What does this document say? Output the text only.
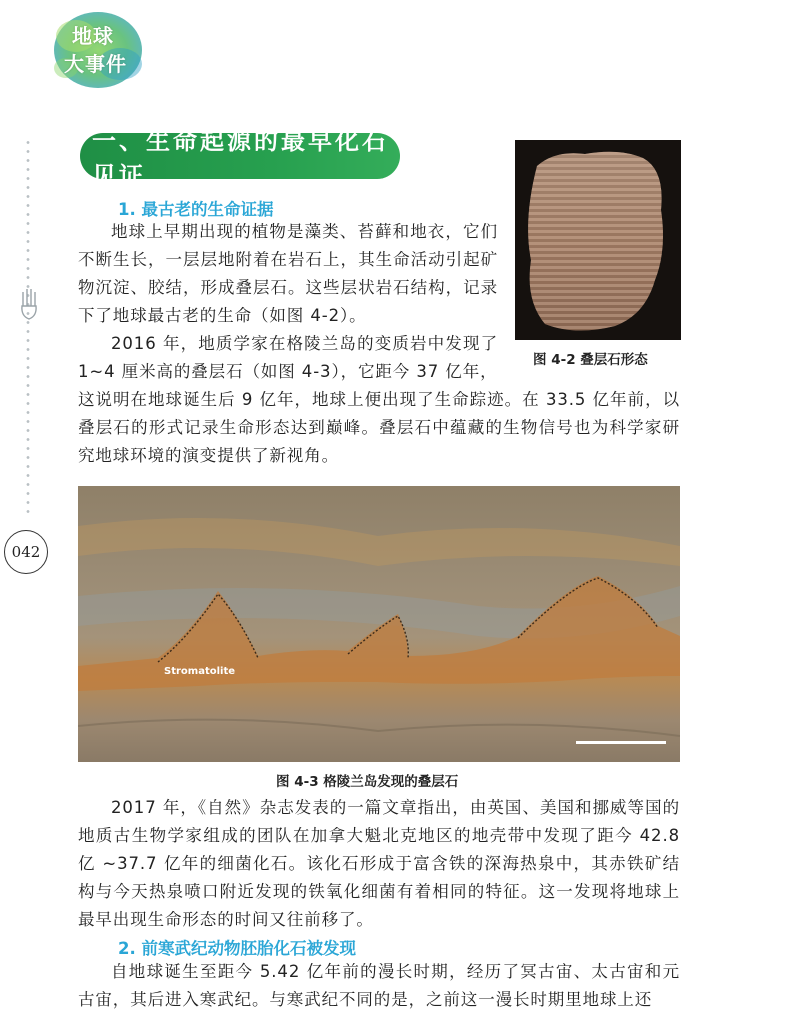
地球
大事件
042
一、生命起源的最早化石见证
1. 最古老的生命证据
地球上早期出现的植物是藻类、苔藓和地衣，它们不断生长，一层层地附着在岩石上，其生命活动引起矿物沉淀、胶结，形成叠层石。这些层状岩石结构，记录下了地球最古老的生命（如图 4-2）。
2016 年，地质学家在格陵兰岛的变质岩中发现了 1~4 厘米高的叠层石（如图 4-3），它距今 37 亿年，
这说明在地球诞生后 9 亿年，地球上便出现了生命踪迹。在 33.5 亿年前，以叠层石的形式记录生命形态达到巅峰。叠层石中蕴藏的生物信号也为科学家研究地球环境的演变提供了新视角。
图 4-2 叠层石形态
Stromatolite
图 4-3 格陵兰岛发现的叠层石
2017 年，《自然》杂志发表的一篇文章指出，由英国、美国和挪威等国的地质古生物学家组成的团队在加拿大魁北克地区的地壳带中发现了距今 42.8 亿 ~37.7 亿年的细菌化石。该化石形成于富含铁的深海热泉中，其赤铁矿结构与今天热泉喷口附近发现的铁氧化细菌有着相同的特征。这一发现将地球上最早出现生命形态的时间又往前移了。
2. 前寒武纪动物胚胎化石被发现
自地球诞生至距今 5.42 亿年前的漫长时期，经历了冥古宙、太古宙和元古宙，其后进入寒武纪。与寒武纪不同的是，之前这一漫长时期里地球上还
